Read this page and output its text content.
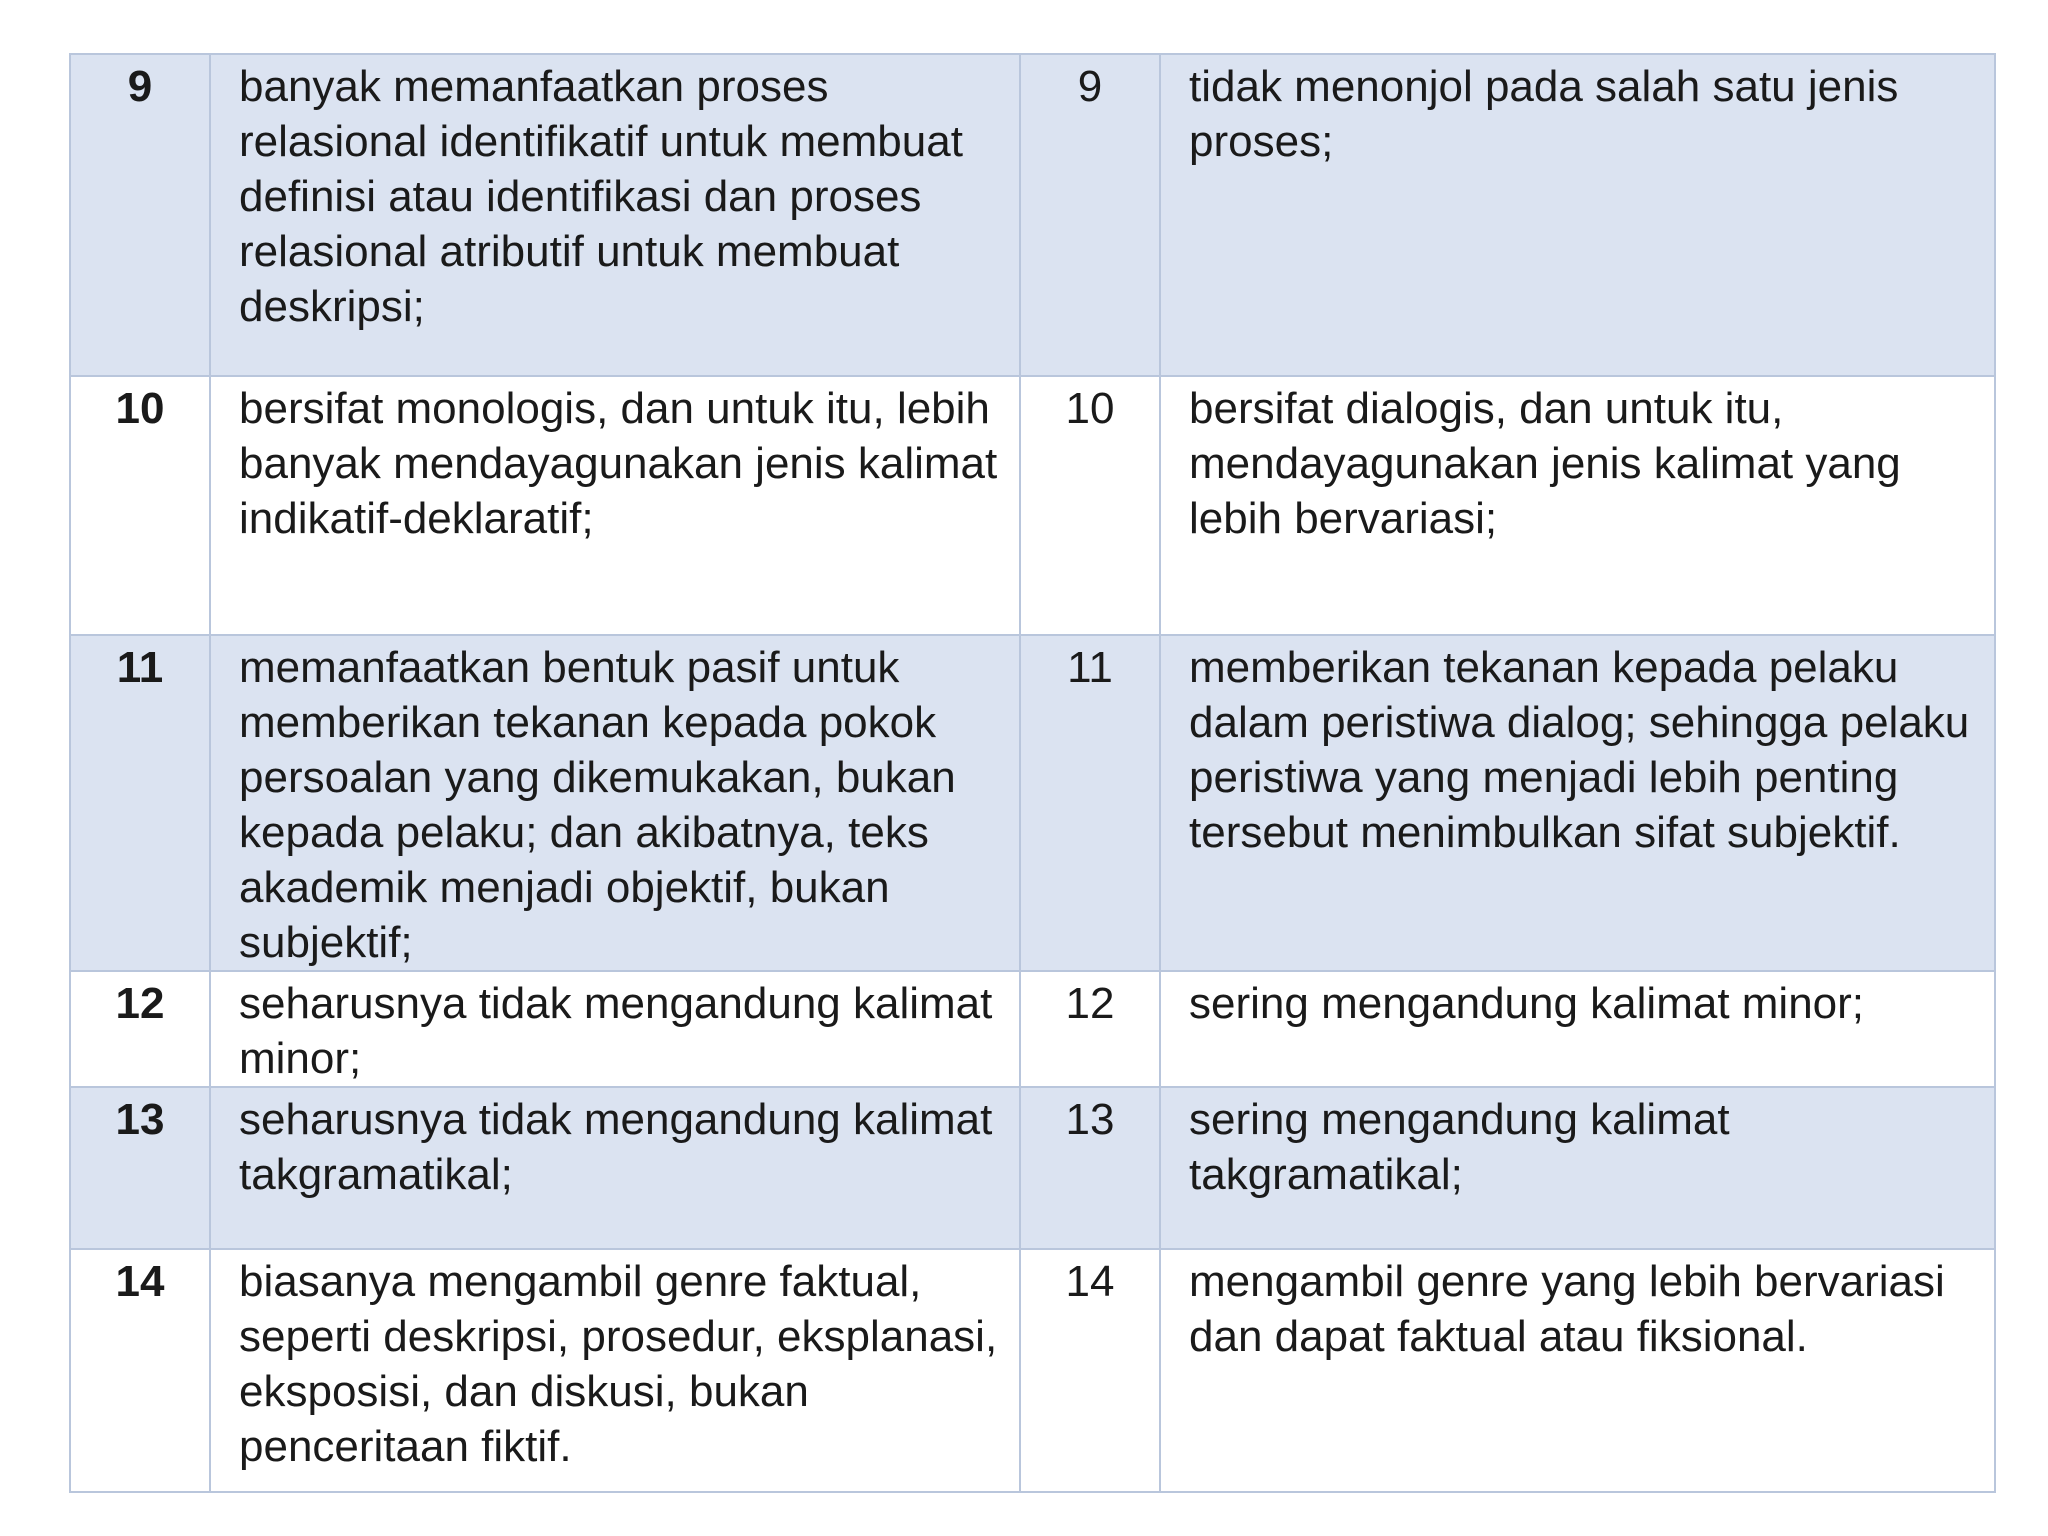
9	banyak memanfaatkan proses relasional identifikatif untuk membuat definisi atau identifikasi dan proses relasional atributif untuk membuat deskripsi;	9	tidak menonjol pada salah satu jenis proses;
10	bersifat monologis, dan untuk itu, lebih banyak mendayagunakan jenis kalimat indikatif-deklaratif;	10	bersifat dialogis, dan untuk itu, mendayagunakan jenis kalimat yang lebih bervariasi;
11	memanfaatkan bentuk pasif untuk memberikan tekanan kepada pokok persoalan yang dikemukakan, bukan kepada pelaku; dan akibatnya, teks akademik menjadi objektif, bukan subjektif;	11	memberikan tekanan kepada pelaku dalam peristiwa dialog; sehingga pelaku peristiwa yang menjadi lebih penting tersebut menimbulkan sifat subjektif.
12	seharusnya tidak mengandung kalimat minor;	12	sering mengandung kalimat minor;
13	seharusnya tidak mengandung kalimat takgramatikal;	13	sering mengandung kalimat takgramatikal;
14	biasanya mengambil genre faktual, seperti deskripsi, prosedur, eksplanasi, eksposisi, dan diskusi, bukan penceritaan fiktif.	14	mengambil genre yang lebih bervariasi dan dapat faktual atau fiksional.
